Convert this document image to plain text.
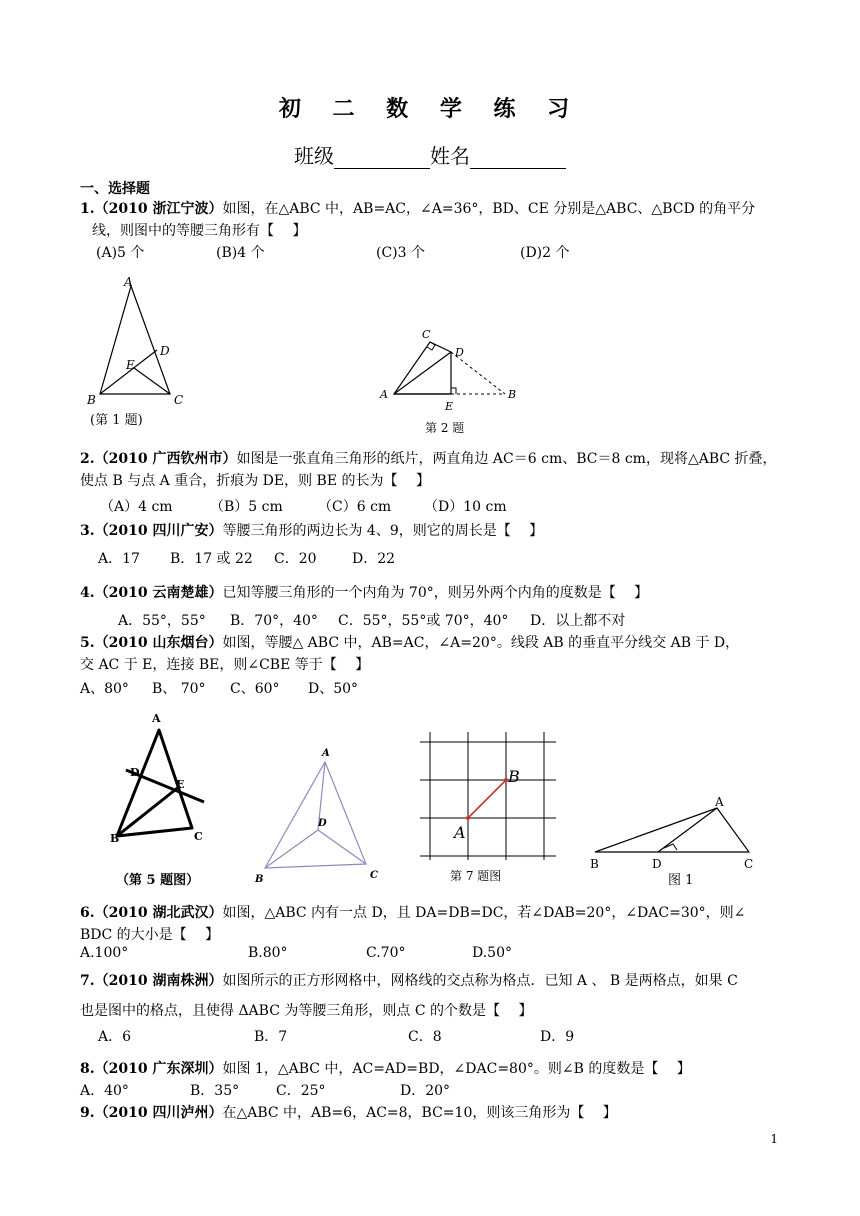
初 二 数 学 练 习
班级	姓名
一、选择题
1.（2010 浙江宁波）如图，在△ABC 中，AB=AC，∠A=36°，BD、CE 分别是△ABC、△BCD 的角平分
线，则图中的等腰三角形有【　 】
(A)5 个	(B)4 个	(C)3 个	(D)2 个
A
B	C
D
E
(第 1 题)
A
C
D
E
B
第 2 题
2.（2010 广西钦州市）如图是一张直角三角形的纸片，两直角边 AC＝6 cm、BC＝8 cm，现将△ABC 折叠，
使点 B 与点 A 重合，折痕为 DE，则 BE 的长为【　 】
（A）4 cm	（B）5 cm	（C）6 cm （D）10 cm
3.（2010 四川广安）等腰三角形的两边长为 4、9，则它的周长是【　 】
A．17 B．17 或 22 C．20	D．22
4.（2010 云南楚雄）已知等腰三角形的一个内角为 70°，则另外两个内角的度数是【　 】
A．55°，55° B．70°，40° C．55°，55°或 70°，40° D．以上都不对
5.（2010 山东烟台）如图，等腰△ ABC 中，AB=AC，∠A=20°。线段 AB 的垂直平分线交 AB 于 D，
交 AC 于 E，连接 BE，则∠CBE 等于【　 】
A、80° B、 70° C、60° D、50°
A
D
E
B	C
（第 5 题图）
A
D
B	C
A
B
第 7 题图
A
B	D	C
图 1
6.（2010 湖北武汉）如图，△ABC 内有一点 D，且 DA=DB=DC，若∠DAB=20°，∠DAC=30°，则∠
BDC 的大小是【　 】
A.100°	B.80°	C.70°	D.50°
7.（2010 湖南株洲）如图所示的正方形网格中，网格线的交点称为格点．已知 A 、 B 是两格点，如果 C
也是图中的格点，且使得 ΔABC 为等腰三角形，则点 C 的个数是【　 】
A．6	B．7	C．8	D．9
8.（2010 广东深圳）如图 1，△ABC 中，AC=AD=BD，∠DAC=80°。则∠B 的度数是【　 】
A．40°	B．35°	C．25°	D．20°
9.（2010 四川泸州）在△ABC 中，AB=6，AC=8，BC=10，则该三角形为【　 】
1
